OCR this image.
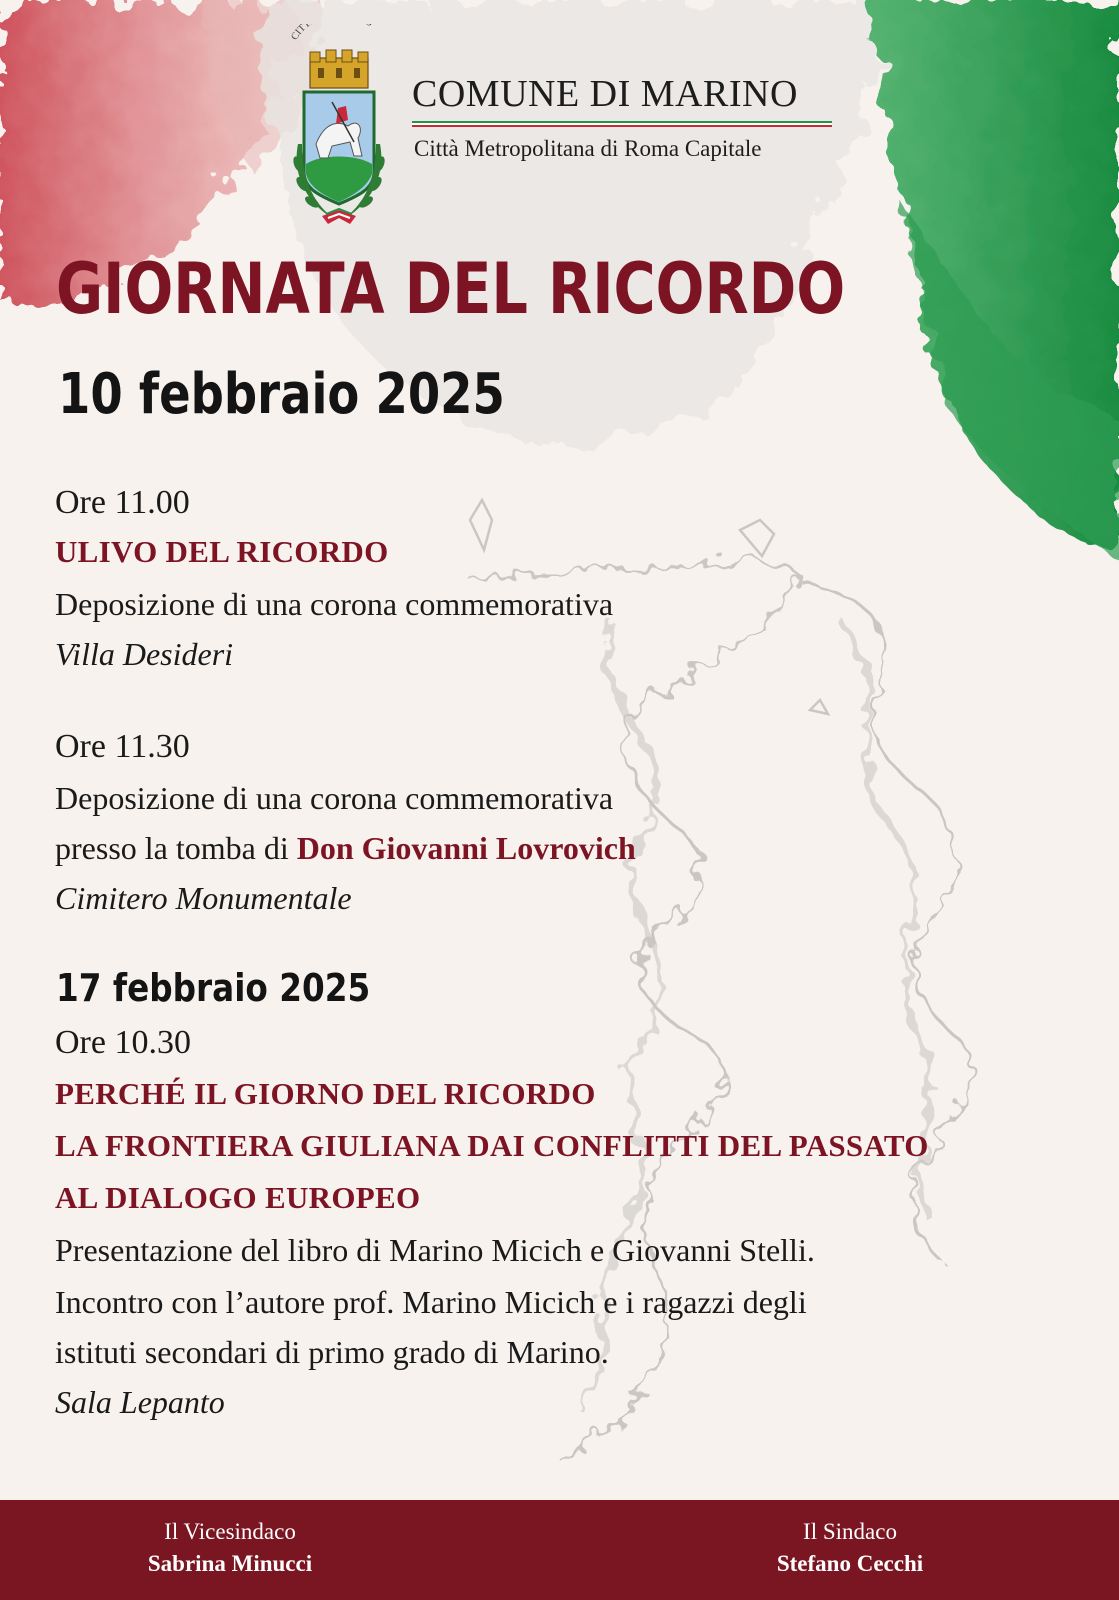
CITT
COMUNE DI MARINO
Città Metropolitana di Roma Capitale
GIORNATA DEL RICORDO
10 febbraio 2025
Ore 11.00
ULIVO DEL RICORDO
Deposizione di una corona commemorativa
Villa Desideri
Ore 11.30
Deposizione di una corona commemorativa
presso la tomba di Don Giovanni Lovrovich
Cimitero Monumentale
17 febbraio 2025
Ore 10.30
PERCHÉ IL GIORNO DEL RICORDO
LA FRONTIERA GIULIANA DAI CONFLITTI DEL PASSATO
AL DIALOGO EUROPEO
Presentazione del libro di Marino Micich e Giovanni Stelli.
Incontro con l’autore prof. Marino Micich e i ragazzi degli
istituti secondari di primo grado di Marino.
Sala Lepanto
Il Vicesindaco
Sabrina Minucci
Il Sindaco
Stefano Cecchi
